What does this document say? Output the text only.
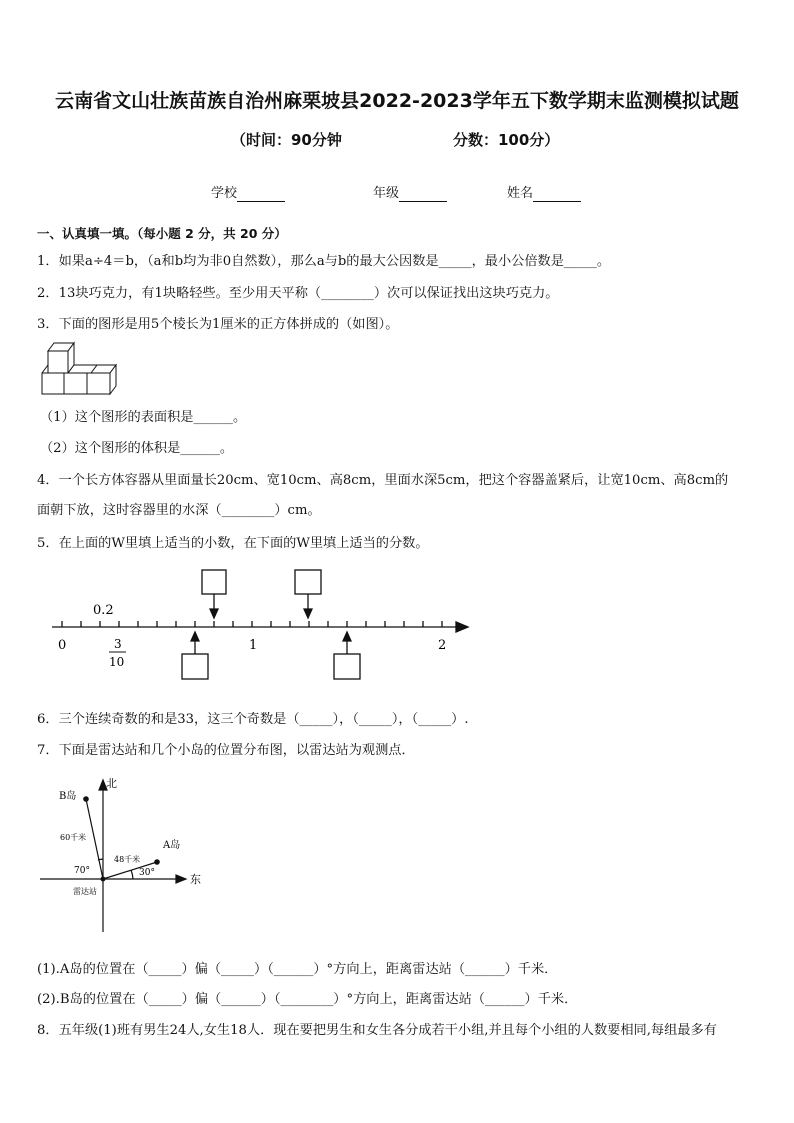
云南省文山壮族苗族自治州麻栗坡县2022-2023学年五下数学期末监测模拟试题
（时间：90分钟	分数：100分）
学校	年级	姓名
一、认真填一填。（每小题 2 分，共 20 分）
1．如果a÷4＝b，（a和b均为非0自然数），那么a与b的最大公因数是_____，最小公倍数是_____。
2．13块巧克力，有1块略轻些。至少用天平称（________）次可以保证找出这块巧克力。
3．下面的图形是用5个棱长为1厘米的正方体拼成的（如图）。
（1）这个图形的表面积是______。
（2）这个图形的体积是______。
4．一个长方体容器从里面量长20cm、宽10cm、高8cm，里面水深5cm，把这个容器盖紧后，让宽10cm、高8cm的
面朝下放，这时容器里的水深（________）cm。
5．在上面的W里填上适当的小数，在下面的W里填上适当的分数。
0.2
0	1	2
3
10
6．三个连续奇数的和是33，这三个奇数是（_____），（_____），（_____）.
7．下面是雷达站和几个小岛的位置分布图，以雷达站为观测点．
北
东
B岛
A岛
60千米
48千米
70°	30°
雷达站
(1).A岛的位置在（_____）偏（_____）（______）°方向上，距离雷达站（______）千米．
(2).B岛的位置在（_____）偏（______）（________）°方向上，距离雷达站（______）千米．
8．五年级(1)班有男生24人,女生18人．现在要把男生和女生各分成若干小组,并且每个小组的人数要相同,每组最多有
